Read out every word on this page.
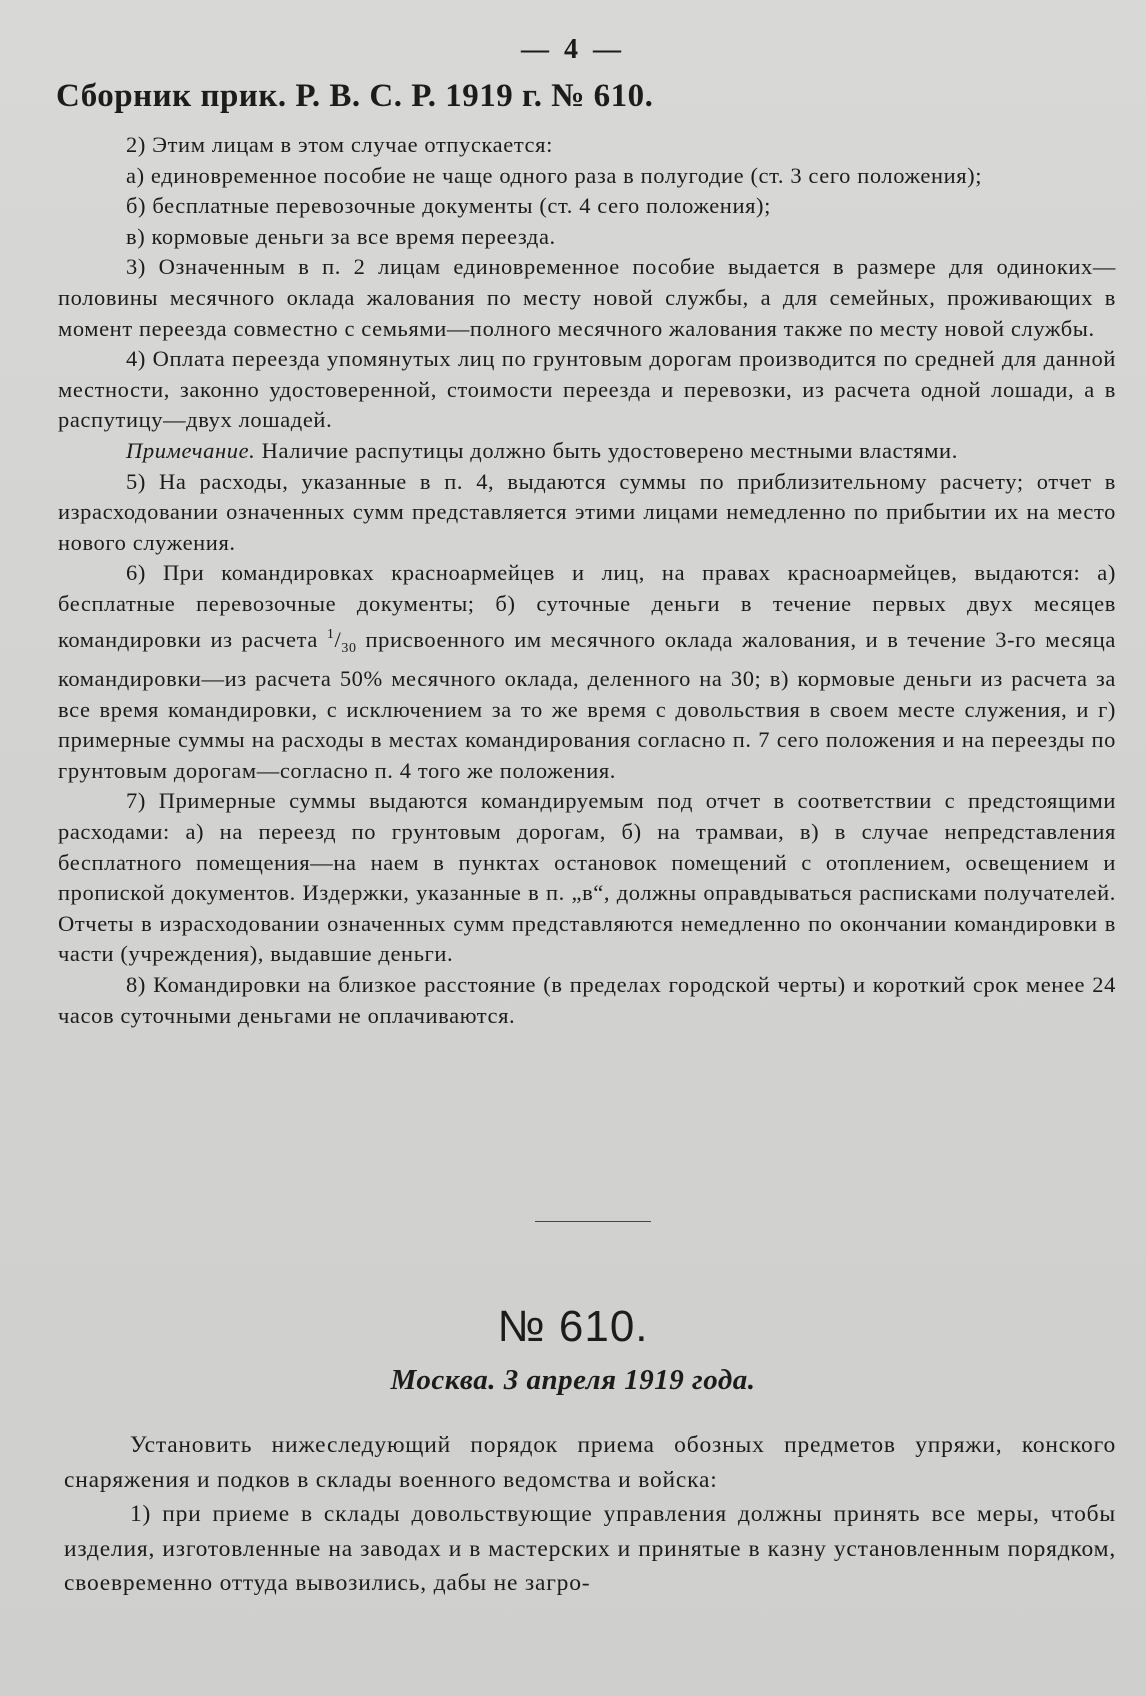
— 4 —
Сборник прик. Р. В. С. Р. 1919 г. № 610.

2) Этим лицам в этом случае отпускается:

а) единовременное пособие не чаще одного раза в полугодие (ст. 3 сего положения);

б) бесплатные перевозочные документы (ст. 4 сего положения);

в) кормовые деньги за все время переезда.

3) Означенным в п. 2 лицам единовременное пособие выдается в размере для одиноких—половины месячного оклада жалования по месту новой службы, а для семейных, проживающих в момент переезда совместно с семьями—полного месячного жалования также по месту новой службы.

4) Оплата переезда упомянутых лиц по грунтовым дорогам производится по средней для данной местности, законно удостоверенной, стоимости переезда и перевозки, из расчета одной лошади, а в распутицу—двух лошадей.

Примечание. Наличие распутицы должно быть удостоверено местными властями.

5) На расходы, указанные в п. 4, выдаются суммы по приблизительному расчету; отчет в израсходовании означенных сумм представляется этими лицами немедленно по прибытии их на место нового служения.

6) При командировках красноармейцев и лиц, на правах красноармейцев, выдаются: а) бесплатные перевозочные документы; б) суточные деньги в течение первых двух месяцев командировки из расчета $^1/_{30}$ присвоенного им месячного оклада жалования, и в течение 3-го месяца командировки—из расчета 50% месячного оклада, деленного на 30; в) кормовые деньги из расчета за все время командировки, с исключением за то же время с довольствия в своем месте служения, и г) примерные суммы на расходы в местах командирования согласно п. 7 сего положения и на переезды по грунтовым дорогам—согласно п. 4 того же положения.

7) Примерные суммы выдаются командируемым под отчет в соответствии с предстоящими расходами: а) на переезд по грунтовым дорогам, б) на трамваи, в) в случае непредставления бесплатного помещения—на наем в пунктах остановок помещений с отоплением, освещением и пропиской документов. Издержки, указанные в п. „в“, должны оправдываться расписками получателей. Отчеты в израсходовании означенных сумм представляются немедленно по окончании командировки в части (учреждения), выдавшие деньги.

8) Командировки на близкое расстояние (в пределах городской черты) и короткий срок менее 24 часов суточными деньгами не оплачиваются.

№ 610.
Москва. 3 апреля 1919 года.

Установить нижеследующий порядок приема обозных предметов упряжи, конского снаряжения и подков в склады военного ведомства и войска:

1) при приеме в склады довольствующие управления должны принять все меры, чтобы изделия, изготовленные на заводах и в мастерских и принятые в казну установленным порядком, своевременно оттуда вывозились, дабы не загро-
